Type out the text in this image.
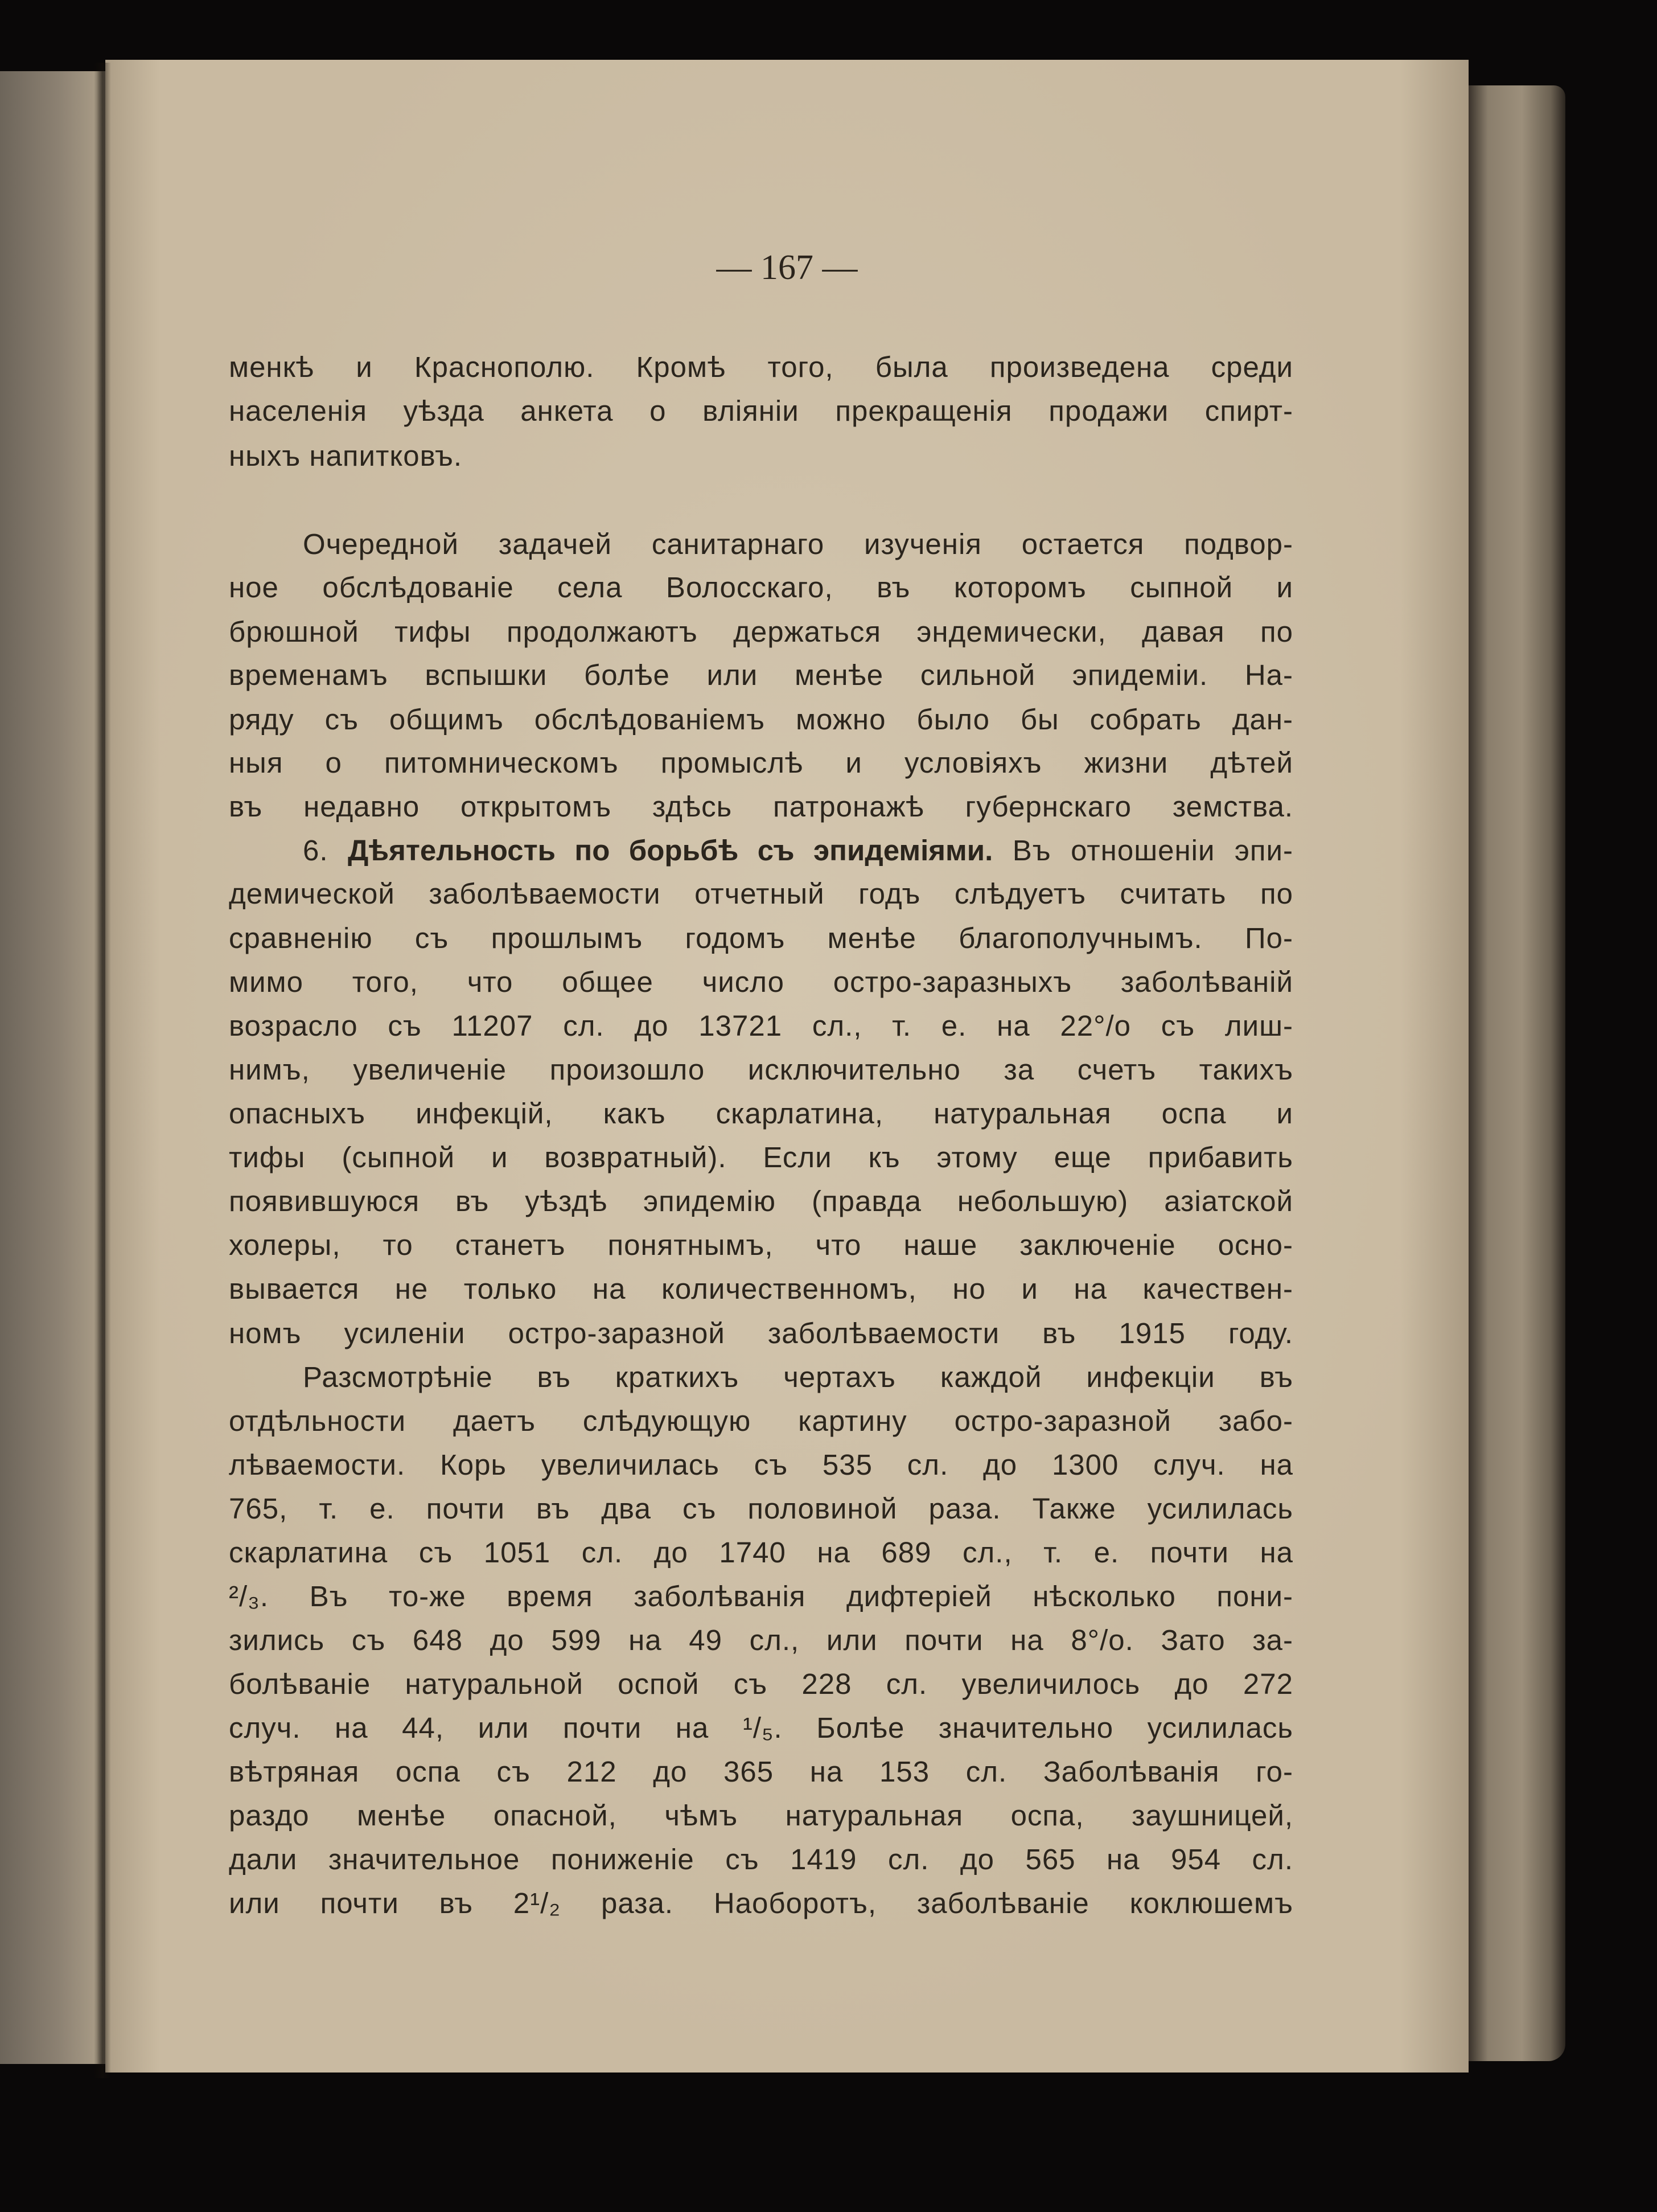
— 167 —
менкѣ и Краснополю. Кромѣ того, была произведена среди
населенія уѣзда анкета о вліяніи прекращенія продажи спирт-
ныхъ напитковъ.
Очередной задачей санитарнаго изученія остается подвор-
ное обслѣдованіе села Волосскаго, въ которомъ сыпной и
брюшной тифы продолжаютъ держаться эндемически, давая по
временамъ вспышки болѣе или менѣе сильной эпидеміи. На-
ряду съ общимъ обслѣдованіемъ можно было бы собрать дан-
ныя о питомническомъ промыслѣ и условіяхъ жизни дѣтей
въ недавно открытомъ здѣсь патронажѣ губернскаго земства.
6. Дѣятельность по борьбѣ съ эпидеміями. Въ отношеніи эпи-
демической заболѣваемости отчетный годъ слѣдуетъ считать по
сравненію съ прошлымъ годомъ менѣе благополучнымъ. По-
мимо того, что общее число остро-заразныхъ заболѣваній
возрасло съ 11207 сл. до 13721 сл., т. е. на 22°/о съ лиш-
нимъ, увеличеніе произошло исключительно за счетъ такихъ
опасныхъ инфекцій, какъ скарлатина, натуральная оспа и
тифы (сыпной и возвратный). Если къ этому еще прибавить
появившуюся въ уѣздѣ эпидемію (правда небольшую) азіатской
холеры, то станетъ понятнымъ, что наше заключеніе осно-
вывается не только на количественномъ, но и на качествен-
номъ усиленіи остро-заразной заболѣваемости въ 1915 году.
Разсмотрѣніе въ краткихъ чертахъ каждой инфекціи въ
отдѣльности даетъ слѣдующую картину остро-заразной забо-
лѣваемости. Корь увеличилась съ 535 сл. до 1300 случ. на
765, т. е. почти въ два съ половиной раза. Также усилилась
скарлатина съ 1051 сл. до 1740 на 689 сл., т. е. почти на
²/₃. Въ то-же время заболѣванія дифтеріей нѣсколько пони-
зились съ 648 до 599 на 49 сл., или почти на 8°/о. Зато за-
болѣваніе натуральной оспой съ 228 сл. увеличилось до 272
случ. на 44, или почти на ¹/₅. Болѣе значительно усилилась
вѣтряная оспа съ 212 до 365 на 153 сл. Заболѣванія го-
раздо менѣе опасной, чѣмъ натуральная оспа, заушницей,
дали значительное пониженіе съ 1419 сл. до 565 на 954 сл.
или почти въ 2¹/₂ раза. Наоборотъ, заболѣваніе коклюшемъ
